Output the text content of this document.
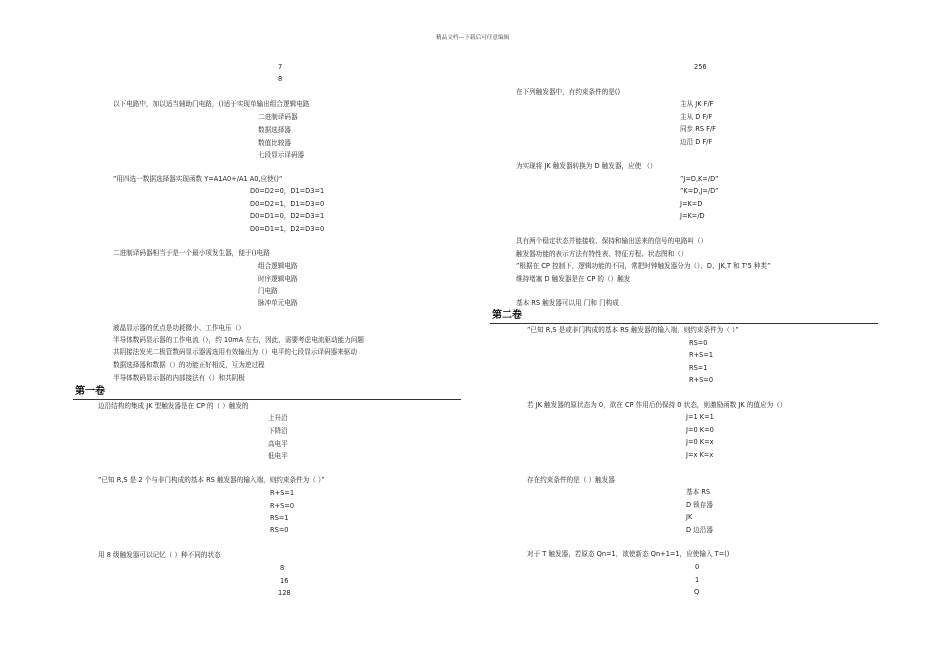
精品文档---下载后可任意编辑
7
8
以下电路中，加以适当辅助门电路，()适于实现单输出组合逻辑电路
二进制译码器
数据选择器
数值比较器
七段显示译码器
”用四选一数据选择器实现函数 Y=A1A0+/A1 A0,应使()”
D0=D2=0，D1=D3=1
D0=D2=1，D1=D3=0
D0=D1=0，D2=D3=1
D0=D1=1，D2=D3=0
二进制译码器相当于是一个最小项发生器，便于()电路
组合逻辑电路
时序逻辑电路
门电路
脉冲单元电路
液晶显示器的优点是功耗微小、工作电压（）
半导体数码显示器的工作电流（），约 10mA 左右，因此，需要考虑电流驱动能力问题
共阴接法发光二极管数码显示器需选用有效输出为（）电平的七段显示译码器来驱动
数据选择器和数据（）的功能正好相反，互为逆过程
半导体数码显示器的内部接法有（）和共阴极
第一卷
边沿结构的集成 JK 型触发器是在 CP 的（ ）触发的
上升沿
下降沿
高电平
低电平
”已知 R,S 是 2 个与非门构成的基本 RS 触发器的输入端，则约束条件为（ ）”
R+S=1
R+S=0
RS=1
RS=0
用 8 级触发器可以记忆（ ）种不同的状态
8
16
128
256
在下列触发器中，有约束条件的是()
主从 JK F/F
主从 D F/F
同步 RS F/F
边沿 D F/F
为实现将 JK 触发器转换为 D 触发器，应使 （）
”J=D,K=/D”
”K=D,J=/D”
J=K=D
J=K=/D
具有两个稳定状态并能接收、保持和输出送来的信号的电路叫（）
触发器功能的表示方法有特性表、特征方程、状态图和（）
”根据在 CP 控制下，逻辑功能的不同，常把时钟触发器分为（）、D、JK,T 和 T'5 种类”
维持堵塞 D 触发器是在 CP 的（）触发
基本 RS 触发器可以用 门和 门构成
第二卷
”已知 R,S 是或非门构成的基本 RS 触发器的输入端，则约束条件为（ ）”
RS=0
R+S=1
RS=1
R+S=0
若 JK 触发器的原状态为 0，欲在 CP 作用后仍保持 0 状态，则激励函数 JK 的值应为（）
J=1 K=1
J=0 K=0
J=0 K=x
J=x K=x
存在约束条件的是（ ）触发器
基本 RS
D 锁存器
JK
D 边沿器
对于 T 触发器，若原态 Qn=1，欲使新态 Qn+1=1，应使输入 T=()
0
1
Q
